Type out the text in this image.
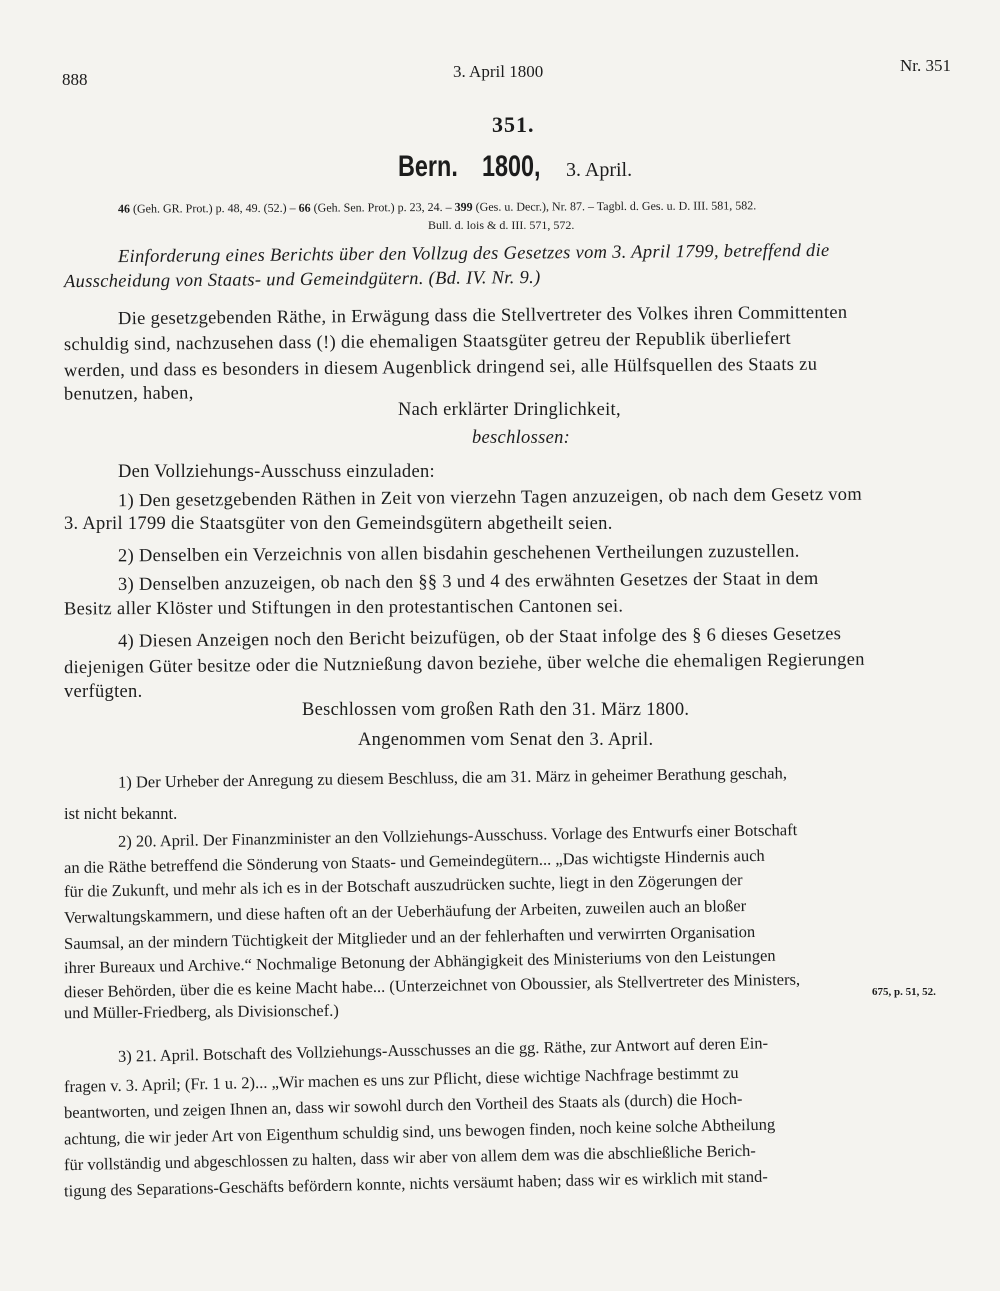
888	3. April 1800	Nr. 351
351.
Bern. 1800, 3. April.
46 (Geh. GR. Prot.) p. 48, 49. (52.) – 66 (Geh. Sen. Prot.) p. 23, 24. – 399 (Ges. u. Decr.), Nr. 87. – Tagbl. d. Ges. u. D. III. 581, 582.
Bull. d. lois & d. III. 571, 572.
Einforderung eines Berichts über den Vollzug des Gesetzes vom 3. April 1799, betreffend die
Ausscheidung von Staats- und Gemeindgütern. (Bd. IV. Nr. 9.)
Die gesetzgebenden Räthe, in Erwägung dass die Stellvertreter des Volkes ihren Committenten
schuldig sind, nachzusehen dass (!) die ehemaligen Staatsgüter getreu der Republik überliefert
werden, und dass es besonders in diesem Augenblick dringend sei, alle Hülfsquellen des Staats zu
benutzen, haben,
Nach erklärter Dringlichkeit,
beschlossen:
Den Vollziehungs-Ausschuss einzuladen:
1) Den gesetzgebenden Räthen in Zeit von vierzehn Tagen anzuzeigen, ob nach dem Gesetz vom
3. April 1799 die Staatsgüter von den Gemeindsgütern abgetheilt seien.
2) Denselben ein Verzeichnis von allen bisdahin geschehenen Vertheilungen zuzustellen.
3) Denselben anzuzeigen, ob nach den §§ 3 und 4 des erwähnten Gesetzes der Staat in dem
Besitz aller Klöster und Stiftungen in den protestantischen Cantonen sei.
4) Diesen Anzeigen noch den Bericht beizufügen, ob der Staat infolge des § 6 dieses Gesetzes
diejenigen Güter besitze oder die Nutznießung davon beziehe, über welche die ehemaligen Regierungen
verfügten.
Beschlossen vom großen Rath den 31. März 1800.
Angenommen vom Senat den 3. April.
1) Der Urheber der Anregung zu diesem Beschluss, die am 31. März in geheimer Berathung geschah,
ist nicht bekannt.
2) 20. April. Der Finanzminister an den Vollziehungs-Ausschuss. Vorlage des Entwurfs einer Botschaft
an die Räthe betreffend die Sönderung von Staats- und Gemeindegütern... „Das wichtigste Hindernis auch
für die Zukunft, und mehr als ich es in der Botschaft auszudrücken suchte, liegt in den Zögerungen der
Verwaltungskammern, und diese haften oft an der Ueberhäufung der Arbeiten, zuweilen auch an bloßer
Saumsal, an der mindern Tüchtigkeit der Mitglieder und an der fehlerhaften und verwirrten Organisation
ihrer Bureaux und Archive.“ Nochmalige Betonung der Abhängigkeit des Ministeriums von den Leistungen
dieser Behörden, über die es keine Macht habe... (Unterzeichnet von Oboussier, als Stellvertreter des Ministers,
und Müller-Friedberg, als Divisionschef.)
675, p. 51, 52.
3) 21. April. Botschaft des Vollziehungs-Ausschusses an die gg. Räthe, zur Antwort auf deren Ein-
fragen v. 3. April; (Fr. 1 u. 2)... „Wir machen es uns zur Pflicht, diese wichtige Nachfrage bestimmt zu
beantworten, und zeigen Ihnen an, dass wir sowohl durch den Vortheil des Staats als (durch) die Hoch-
achtung, die wir jeder Art von Eigenthum schuldig sind, uns bewogen finden, noch keine solche Abtheilung
für vollständig und abgeschlossen zu halten, dass wir aber von allem dem was die abschließliche Berich-
tigung des Separations-Geschäfts befördern konnte, nichts versäumt haben; dass wir es wirklich mit stand-
